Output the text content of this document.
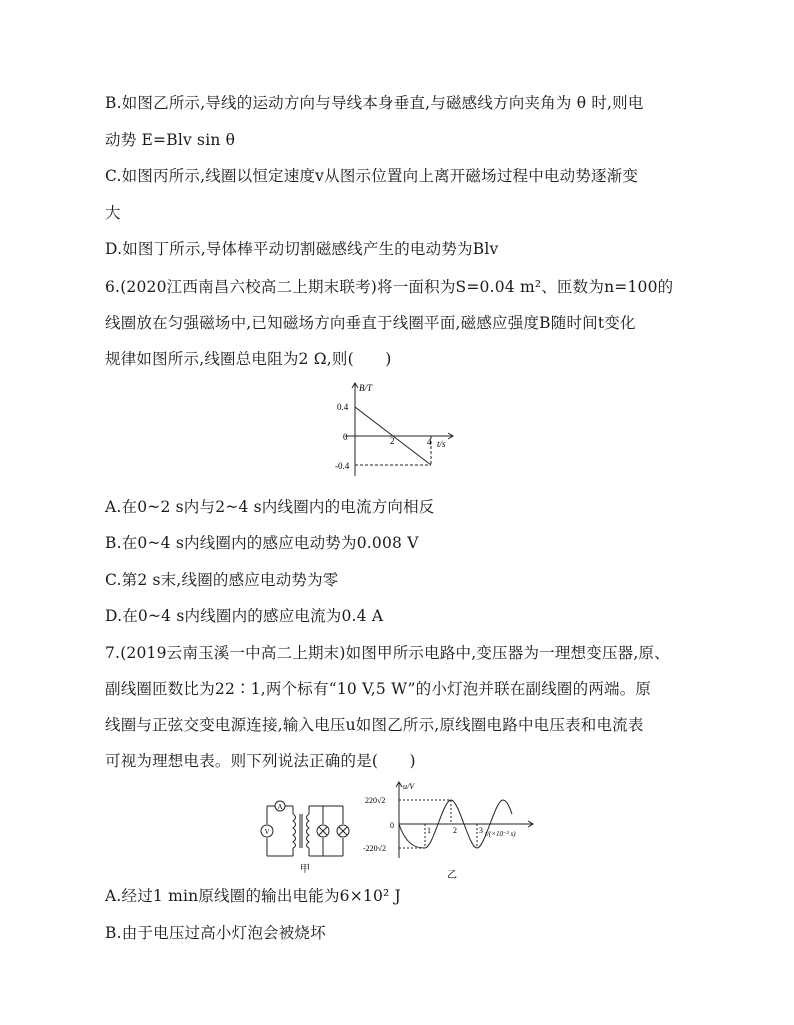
B.如图乙所示,导线的运动方向与导线本身垂直,与磁感线方向夹角为 θ 时,则电
动势 E=Blv sin θ
C.如图丙所示,线圈以恒定速度v从图示位置向上离开磁场过程中电动势逐渐变
大
D.如图丁所示,导体棒平动切割磁感线产生的电动势为Blv
6.(2020江西南昌六校高二上期末联考)将一面积为S=0.04 m²、匝数为n=100的
线圈放在匀强磁场中,已知磁场方向垂直于线圈平面,磁感应强度B随时间t变化
规律如图所示,线圈总电阻为2 Ω,则(　　)
B/T
t/s
0.4
-0.4
0	2	4
A.在0~2 s内与2~4 s内线圈内的电流方向相反
B.在0~4 s内线圈内的感应电动势为0.008 V
C.第2 s末,线圈的感应电动势为零
D.在0~4 s内线圈内的感应电流为0.4 A
7.(2019云南玉溪一中高二上期末)如图甲所示电路中,变压器为一理想变压器,原、
副线圈匝数比为22∶1,两个标有“10 V,5 W”的小灯泡并联在副线圈的两端。原
线圈与正弦交变电源连接,输入电压u如图乙所示,原线圈电路中电压表和电流表
可视为理想电表。则下列说法正确的是(　　)
A
V
甲
u/V
220√2
-220√2
0
1	2	3 t/(×10⁻² s)
乙
A.经过1 min原线圈的输出电能为6×10² J
B.由于电压过高小灯泡会被烧坏
